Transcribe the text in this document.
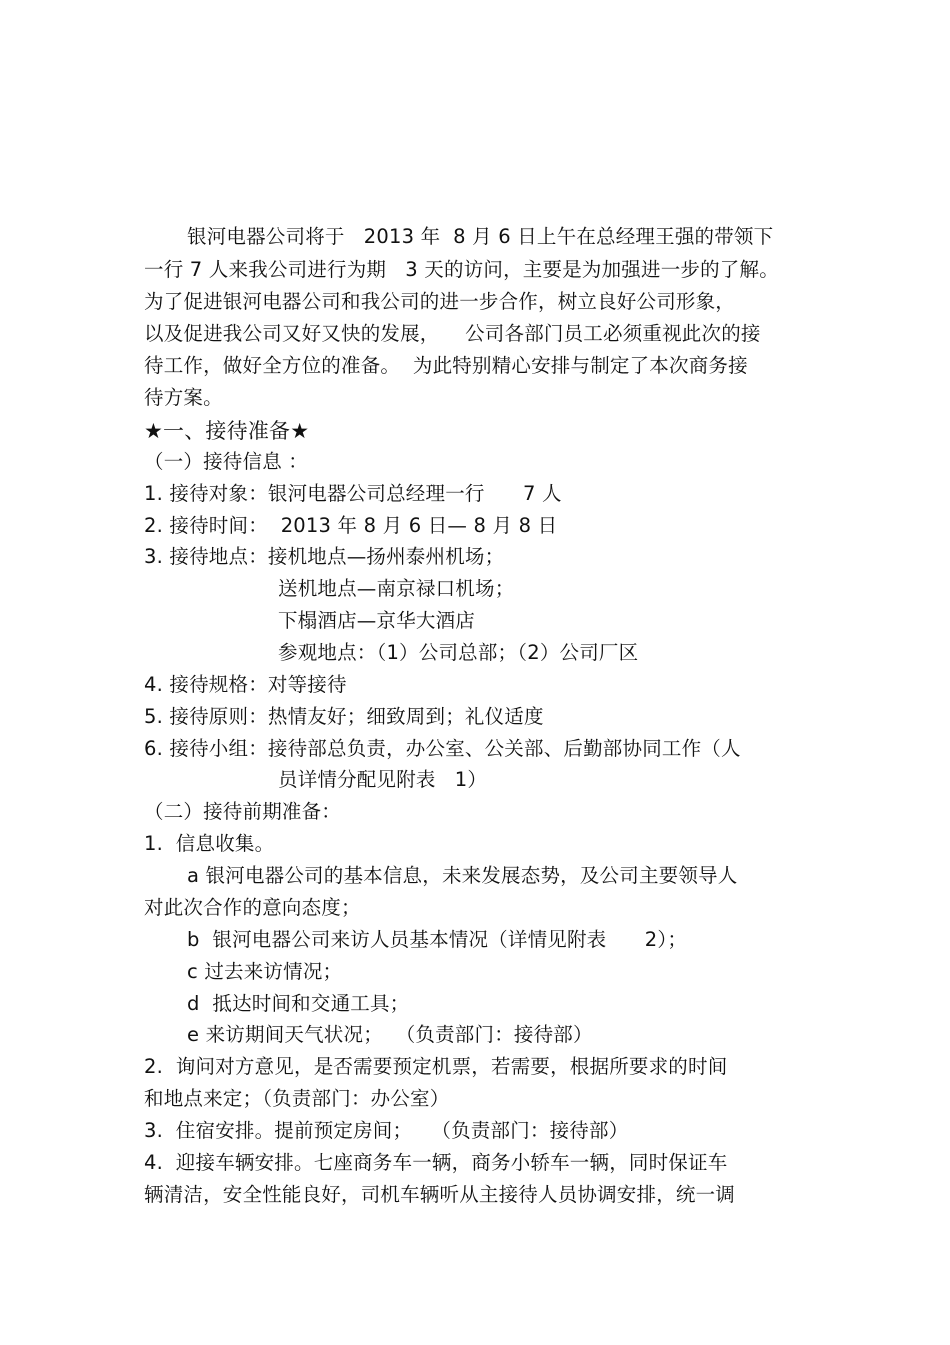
银河电器公司将于   2013 年  8 月 6 日上午在总经理王强的带领下
一行 7 人来我公司进行为期   3 天的访问，主要是为加强进一步的了解。
为了促进银河电器公司和我公司的进一步合作，树立良好公司形象，
以及促进我公司又好又快的发展，    公司各部门员工必须重视此次的接
待工作，做好全方位的准备。  为此特别精心安排与制定了本次商务接
待方案。
★一、接待准备★
（一）接待信息 ：
1. 接待对象：银河电器公司总经理一行      7 人
2. 接待时间：  2013 年 8 月 6 日— 8 月 8 日
3. 接待地点：接机地点—扬州泰州机场；
送机地点—南京禄口机场；
下榻酒店—京华大酒店
参观地点：（1）公司总部；（2）公司厂区
4. 接待规格：对等接待
5. 接待原则：热情友好；细致周到；礼仪适度
6. 接待小组：接待部总负责，办公室、公关部、后勤部协同工作（人
员详情分配见附表   1）
（二）接待前期准备：
1.  信息收集。
a 银河电器公司的基本信息，未来发展态势，及公司主要领导人
对此次合作的意向态度；
b  银河电器公司来访人员基本情况（详情见附表      2）；
c 过去来访情况；
d  抵达时间和交通工具；
e 来访期间天气状况；  （负责部门：接待部）
2.  询问对方意见，是否需要预定机票，若需要，根据所要求的时间
和地点来定；（负责部门：办公室）
3.  住宿安排。提前预定房间；   （负责部门：接待部）
4.  迎接车辆安排。七座商务车一辆，商务小轿车一辆，同时保证车
辆清洁，安全性能良好，司机车辆听从主接待人员协调安排，统一调
